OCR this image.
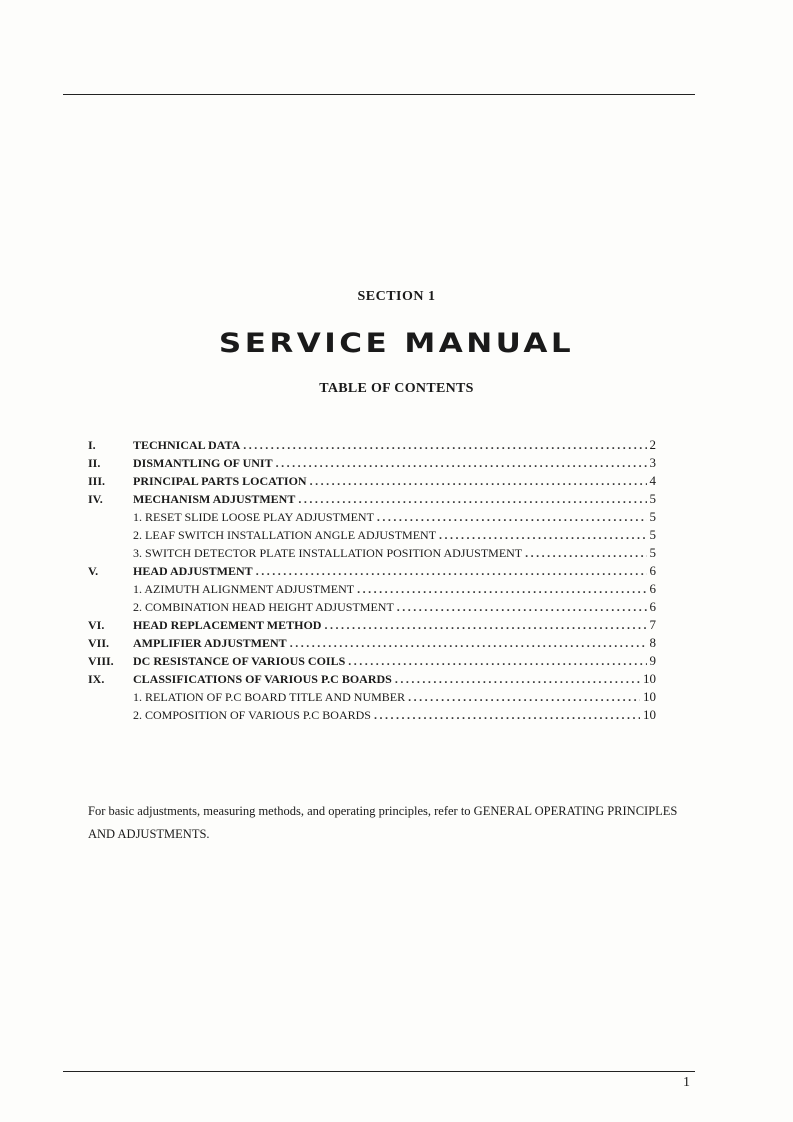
SECTION 1
SERVICE MANUAL
TABLE OF CONTENTS
I.	TECHNICAL DATA .....	2
II.	DISMANTLING OF UNIT .....	3
III. PRINCIPAL PARTS LOCATION .....	4
IV.	MECHANISM ADJUSTMENT .....	5
1. RESET SLIDE LOOSE PLAY ADJUSTMENT .....	5
2. LEAF SWITCH INSTALLATION ANGLE ADJUSTMENT .....	5
3. SWITCH DETECTOR PLATE INSTALLATION POSITION ADJUSTMENT .....	5
V.	HEAD ADJUSTMENT .....	6
1. AZIMUTH ALIGNMENT ADJUSTMENT .....	6
2. COMBINATION HEAD HEIGHT ADJUSTMENT .....	6
VI. HEAD REPLACEMENT METHOD .....	7
VII. AMPLIFIER ADJUSTMENT .....	8
VIII. DC RESISTANCE OF VARIOUS COILS .....	9
IX. CLASSIFICATIONS OF VARIOUS P.C BOARDS .....	10
1. RELATION OF P.C BOARD TITLE AND NUMBER .....	10
2. COMPOSITION OF VARIOUS P.C BOARDS .....	10
For basic adjustments, measuring methods, and operating principles, refer to GENERAL OPERATING PRINCIPLES AND ADJUSTMENTS.
1
